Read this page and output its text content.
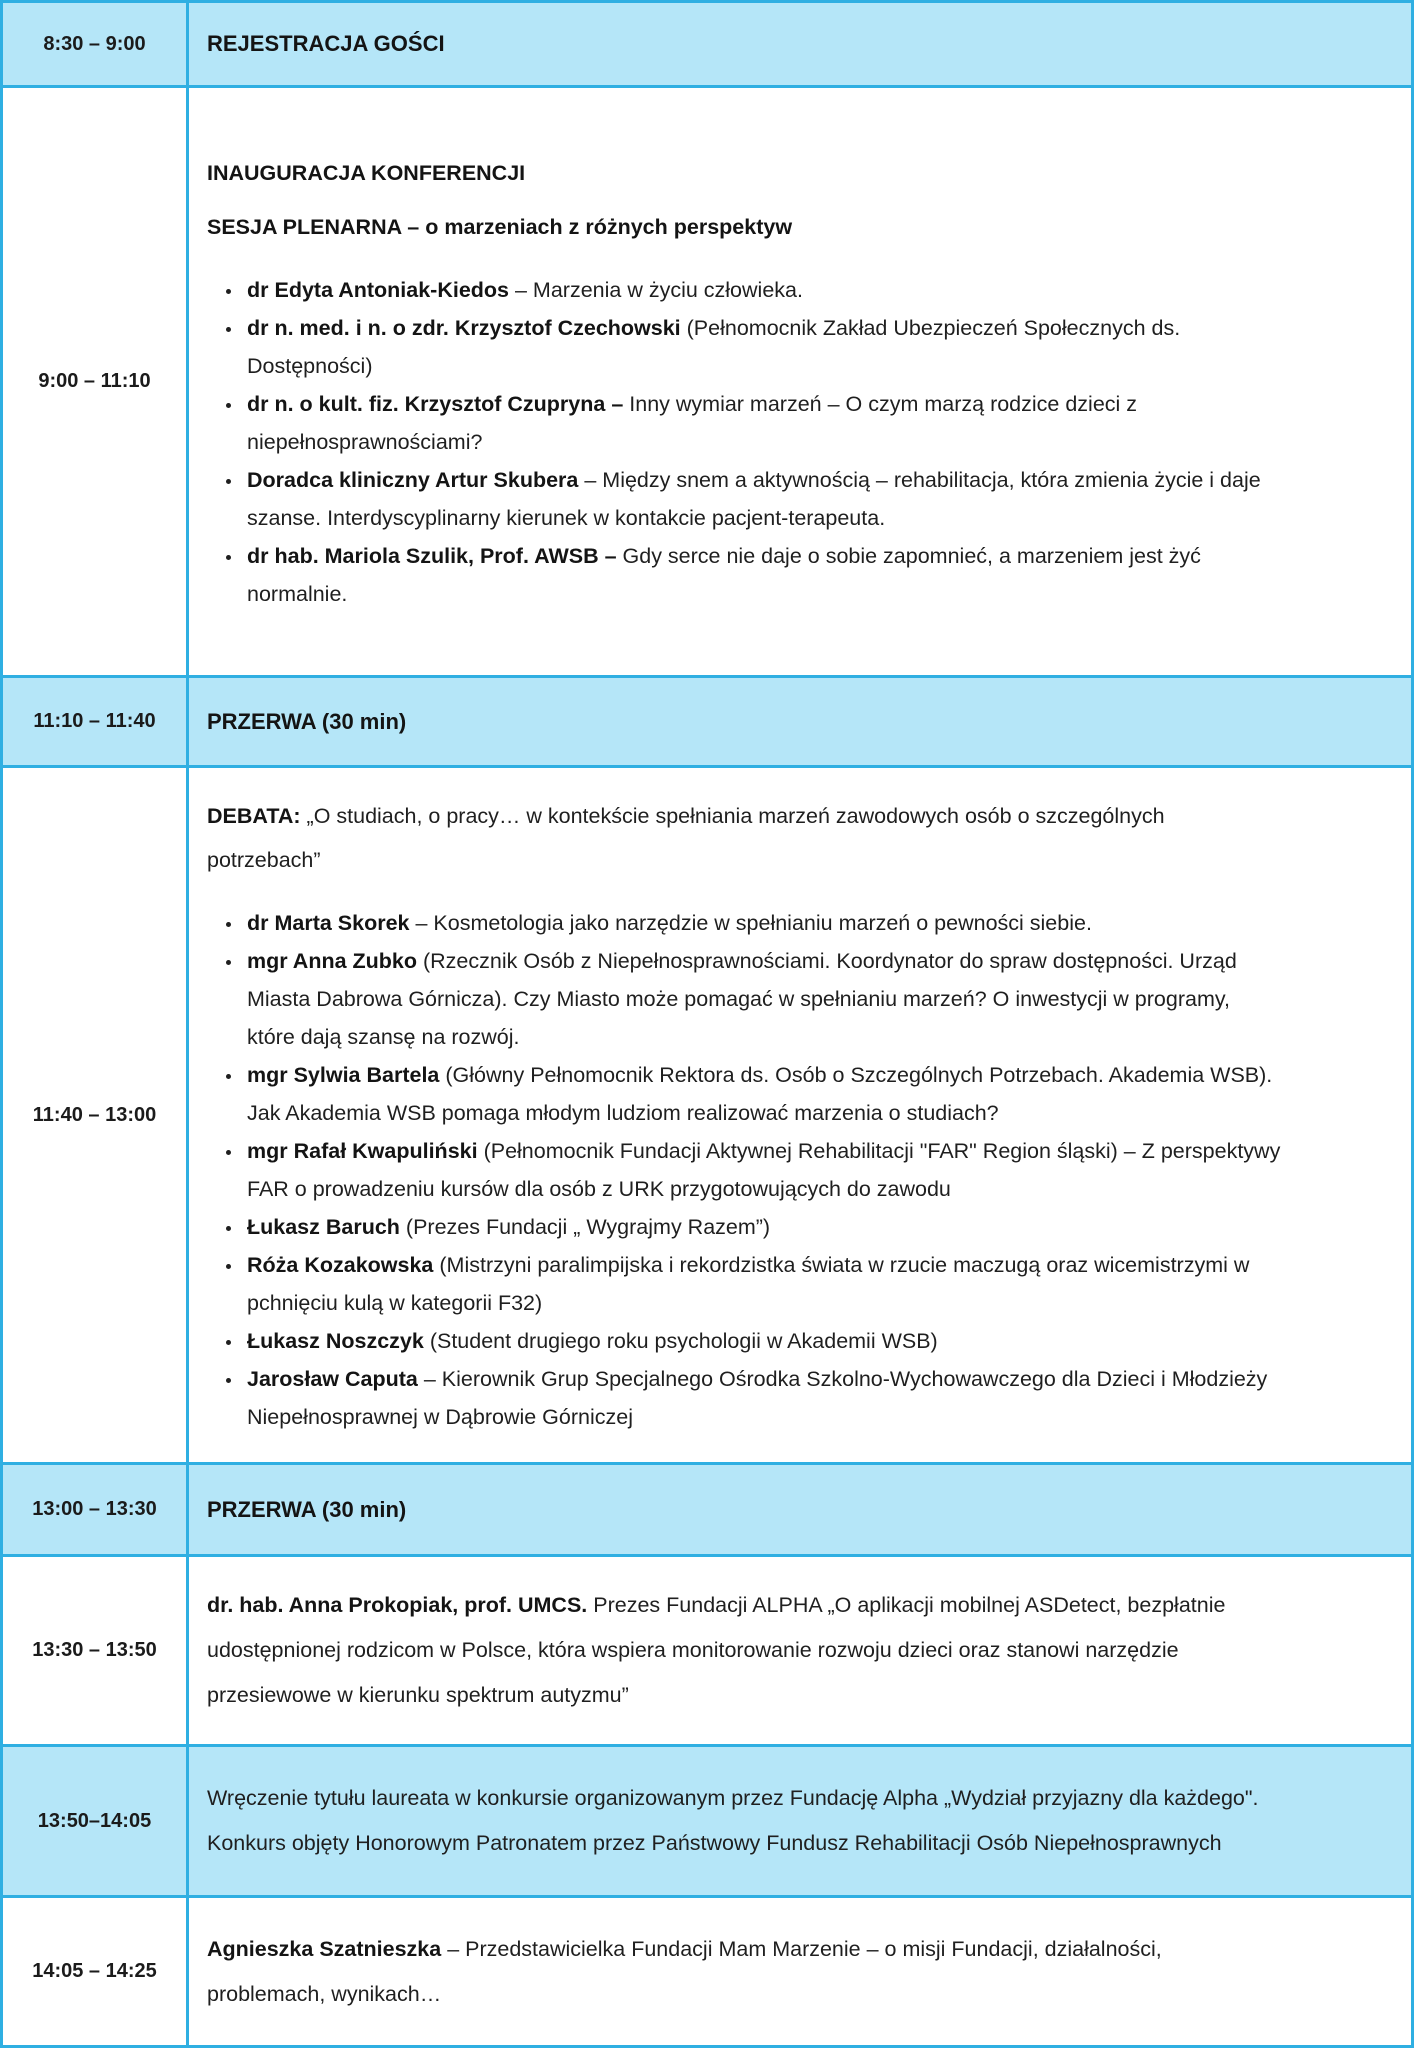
8:30 – 9:00	REJESTRACJA GOŚCI

9:00 – 11:10

INAUGURACJA KONFERENCJI

SESJA PLENARNA – o marzeniach z różnych perspektyw

• dr Edyta Antoniak-Kiedos – Marzenia w życiu człowieka.
• dr n. med. i n. o zdr. Krzysztof Czechowski (Pełnomocnik Zakład Ubezpieczeń Społecznych ds. Dostępności)
• dr n. o kult. fiz. Krzysztof Czupryna – Inny wymiar marzeń – O czym marzą rodzice dzieci z niepełnosprawnościami?
• Doradca kliniczny Artur Skubera – Między snem a aktywnością – rehabilitacja, która zmienia życie i daje szanse. Interdyscyplinarny kierunek w kontakcie pacjent-terapeuta.
• dr hab. Mariola Szulik, Prof. AWSB – Gdy serce nie daje o sobie zapomnieć, a marzeniem jest żyć normalnie.
11:10 – 11:40 PRZERWA (30 min)

11:40 – 13:00

DEBATA: „O studiach, o pracy… w kontekście spełniania marzeń zawodowych osób o szczególnych potrzebach”

• dr Marta Skorek – Kosmetologia jako narzędzie w spełnianiu marzeń o pewności siebie.
• mgr Anna Zubko (Rzecznik Osób z Niepełnosprawnościami. Koordynator do spraw dostępności. Urząd Miasta Dabrowa Górnicza). Czy Miasto może pomagać w spełnianiu marzeń? O inwestycji w programy, które dają szansę na rozwój.
• mgr Sylwia Bartela (Główny Pełnomocnik Rektora ds. Osób o Szczególnych Potrzebach. Akademia WSB). Jak Akademia WSB pomaga młodym ludziom realizować marzenia o studiach?
• mgr Rafał Kwapuliński (Pełnomocnik Fundacji Aktywnej Rehabilitacji "FAR" Region śląski) – Z perspektywy FAR o prowadzeniu kursów dla osób z URK przygotowujących do zawodu
• Łukasz Baruch (Prezes Fundacji „ Wygrajmy Razem”)
• Róża Kozakowska (Mistrzyni paralimpijska i rekordzistka świata w rzucie maczugą oraz wicemistrzymi w pchnięciu kulą w kategorii F32)
• Łukasz Noszczyk (Student drugiego roku psychologii w Akademii WSB)
• Jarosław Caputa – Kierownik Grup Specjalnego Ośrodka Szkolno-Wychowawczego dla Dzieci i Młodzieży Niepełnosprawnej w Dąbrowie Górniczej
13:00 – 13:30 PRZERWA (30 min)

13:30 – 13:50

dr. hab. Anna Prokopiak, prof. UMCS. Prezes Fundacji ALPHA „O aplikacji mobilnej ASDetect, bezpłatnie udostępnionej rodzicom w Polsce, która wspiera monitorowanie rozwoju dzieci oraz stanowi narzędzie przesiewowe w kierunku spektrum autyzmu”

13:50–14:05

Wręczenie tytułu laureata w konkursie organizowanym przez Fundację Alpha „Wydział przyjazny dla każdego". Konkurs objęty Honorowym Patronatem przez Państwowy Fundusz Rehabilitacji Osób Niepełnosprawnych

14:05 – 14:25

Agnieszka Szatnieszka – Przedstawicielka Fundacji Mam Marzenie – o misji Fundacji, działalności, problemach, wynikach…
